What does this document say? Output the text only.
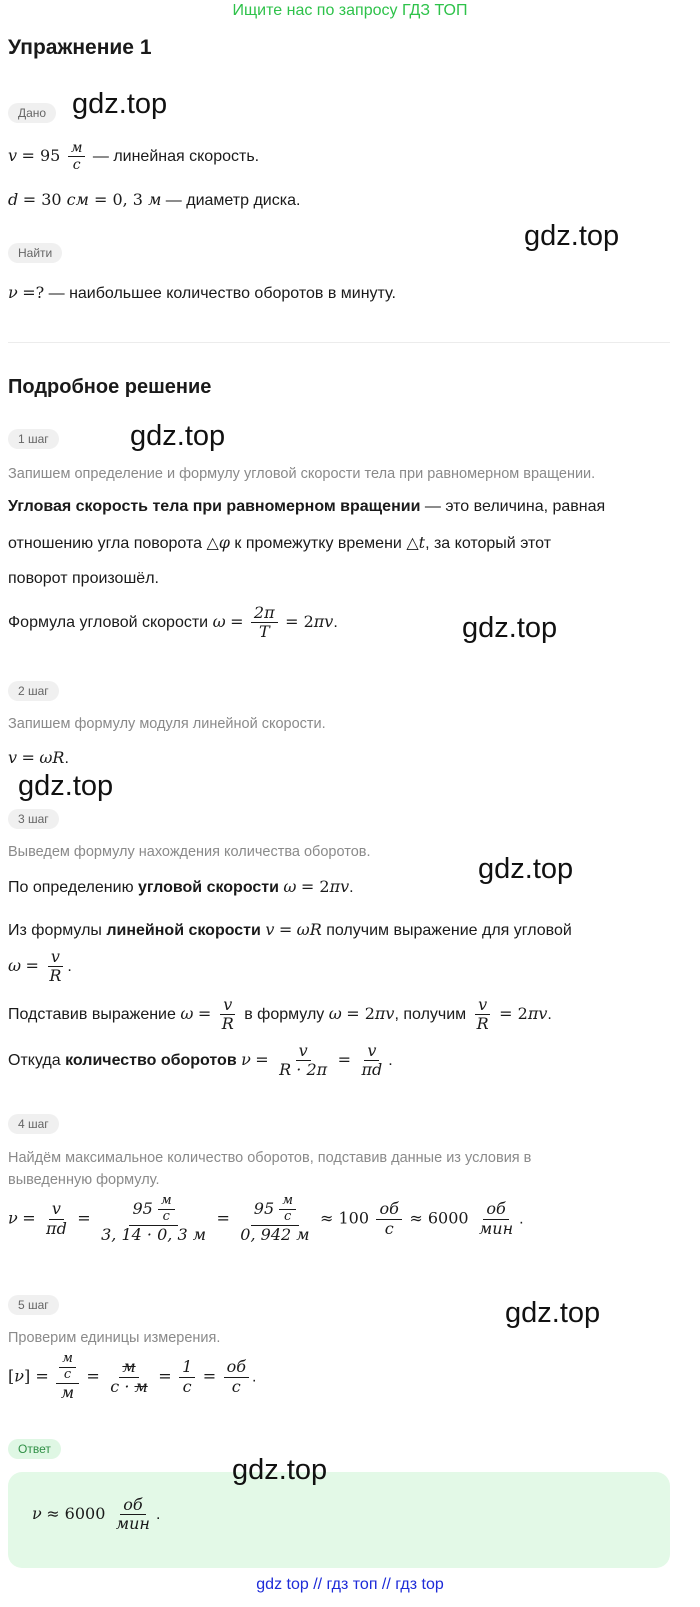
Ищите нас по запросу ГДЗ ТОП
Упражнение 1
Дано
$v = 95 \frac{м}{с}$ — линейная скорость.
d = 30 см = 0, 3 м — диаметр диска.
Найти
ν =? — наибольшее количество оборотов в минуту.
Подробное решение
1 шаг
Запишем определение и формулу угловой скорости тела при равномерном вращении.
Угловая скорость тела при равномерном вращении — это величина, равная
отношению угла поворота △φ к промежутку времени △t, за который этот
поворот произошёл.
Формула угловой скорости $\omega = \frac{2\pi}{T} = 2\pi v$.
2 шаг
Запишем формулу модуля линейной скорости.
v = ωR.
3 шаг
Выведем формулу нахождения количества оборотов.
По определению угловой скорости ω = 2πv.
Из формулы линейной скорости v = ωR получим выражение для угловой
$\omega = \frac{v}{R}$ .
Подставив выражение $\omega = \frac{v}{R}$ в формулу ω = 2πv, получим $\frac{v}{R} = 2\pi v$.
Откуда количество оборотов $\nu = \frac{v}{R \cdot 2\pi} = \frac{v}{\pi d}$ .
4 шаг
Найдём максимальное количество оборотов, подставив данные из условия в
выведенную формулу.
$\nu = \frac{v}{\pi d} = \frac{95 \frac{м}{с}}{3, 14 \cdot 0, 3 м} = \frac{95 \frac{м}{с}}{0, 942 м} \approx 100 \frac{об}{с} \approx 6000 \frac{об}{\text{мин}}$ .
5 шаг
Проверим единицы измерения.
$[\nu] = \frac{\frac{м}{с}}{м} = \frac{м}{с \cdot м} = \frac{1}{с} = \frac{об}{с}$ .
Ответ
$\nu \approx 6000 \frac{об}{\text{мин}}$ .
gdz.top
gdz.top
gdz.top
gdz.top
gdz.top
gdz.top
gdz.top
gdz.top
gdz top // гдз топ // гдз top
